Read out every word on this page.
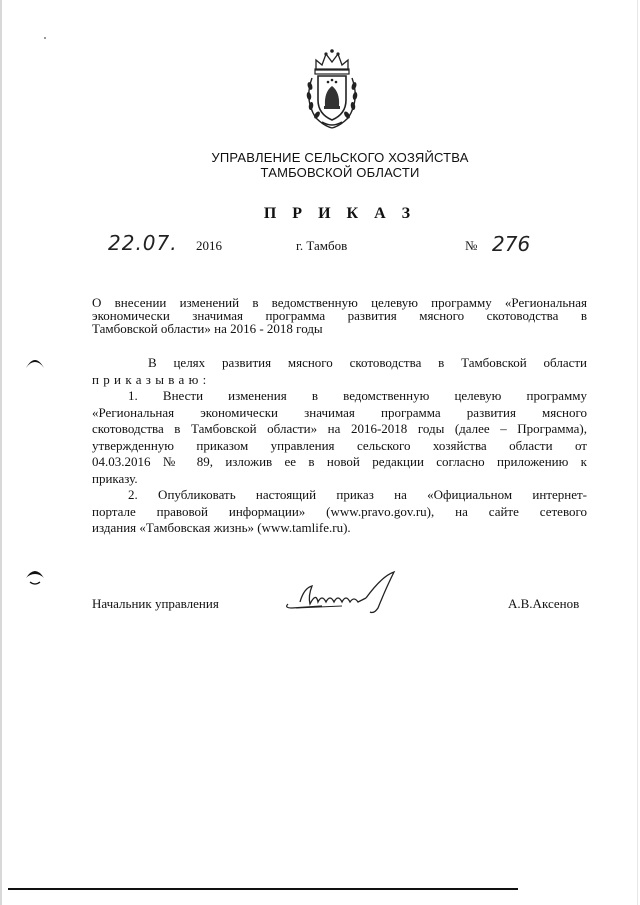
УПРАВЛЕНИЕ СЕЛЬСКОГО ХОЗЯЙСТВА
ТАМБОВСКОЙ ОБЛАСТИ
П Р И К А З
22.07. 2016	г. Тамбов	№ 276
О внесении изменений в ведомственную целевую программу «Региональная
экономически значимая программа развития мясного скотоводства в
Тамбовской области» на 2016 - 2018 годы
В целях развития мясного скотоводства в Тамбовской области
приказываю:
1. Внести изменения в ведомственную целевую программу
«Региональная экономически значимая программа развития мясного
скотоводства в Тамбовской области» на 2016-2018 годы (далее – Программа),
утвержденную приказом управления сельского хозяйства области от
04.03.2016 № 89, изложив ее в новой редакции согласно приложению к
приказу.
2. Опубликовать настоящий приказ на «Официальном интернет-
портале правовой информации» (www.pravo.gov.ru), на сайте сетевого
издания «Тамбовская жизнь» (www.tamlife.ru).
Начальник управления	А.В.Аксенов
